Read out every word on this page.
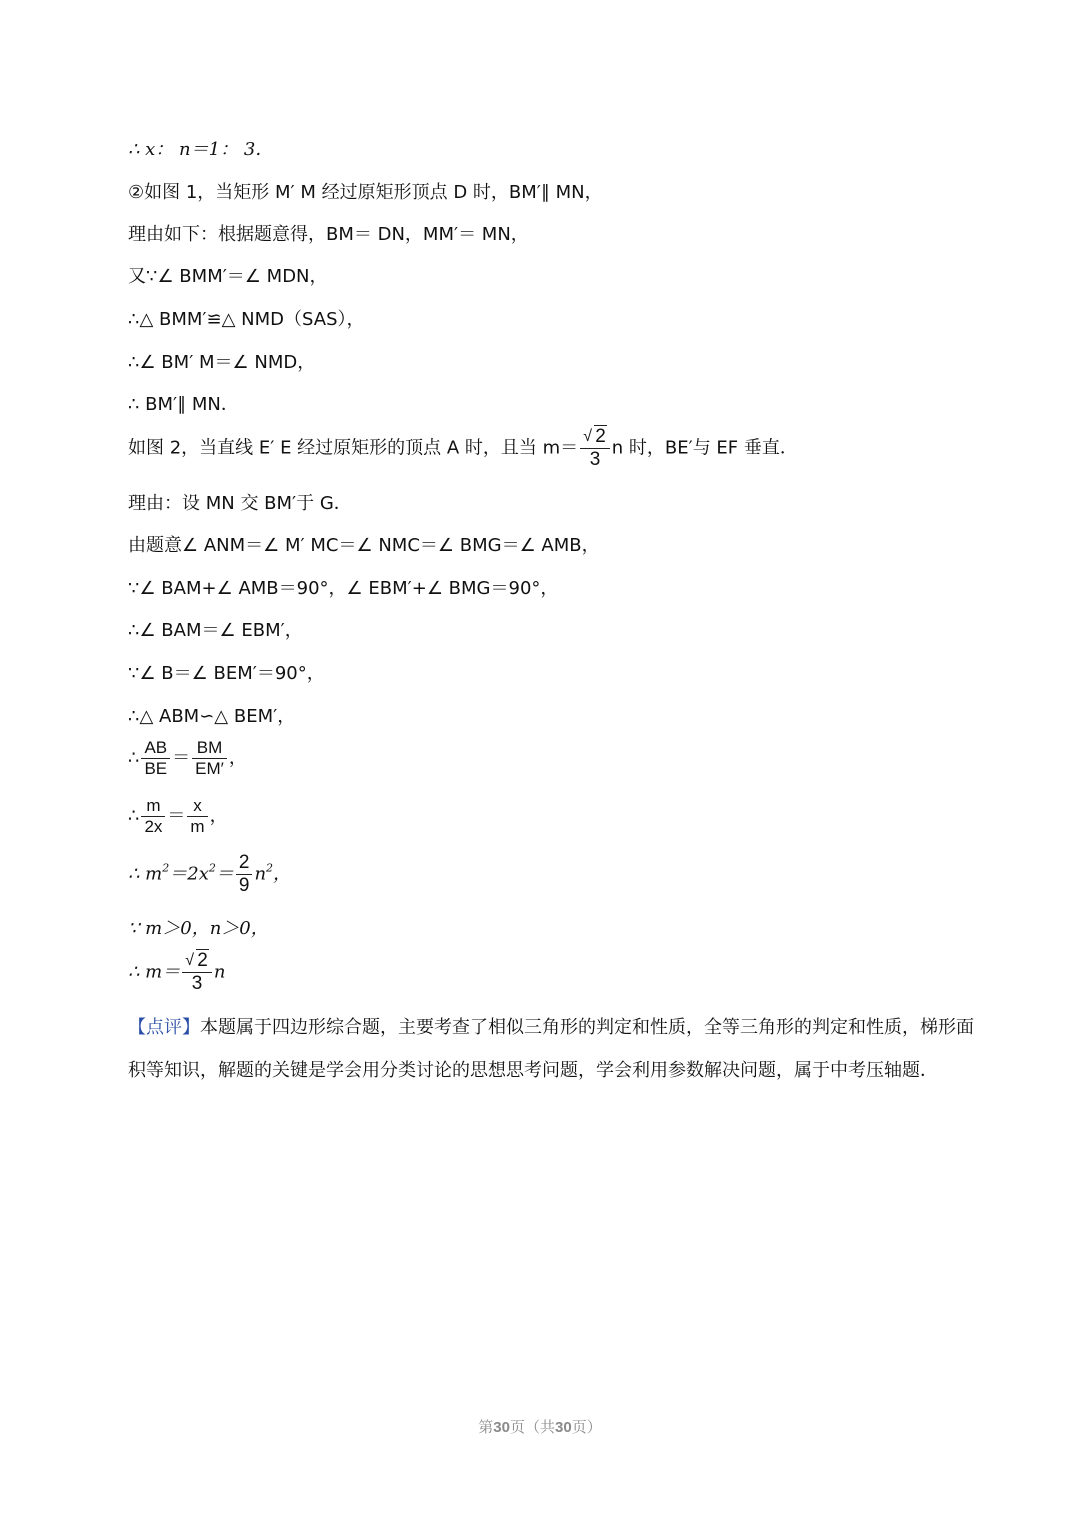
∴ x： n＝1： 3．
②如图 1，当矩形 M′ M 经过原矩形顶点 D 时，BM′∥ MN，
理由如下：根据题意得，BM＝ DN，MM′＝ MN，
又∵∠ BMM′＝∠ MDN，
∴△ BMM′≌△ NMD（SAS），
∴∠ BM′ M＝∠ NMD，
∴ BM′∥ MN．
如图 2，当直线 E′ E 经过原矩形的顶点 A 时，且当 $m= \frac{√ 2}{3}$ n 时，BE′与 EF 垂直．
理由：设 MN 交 BM′于 G．
由题意∠ ANM＝∠ M′ MC＝∠ NMC＝∠ BMG＝∠ AMB，
∵∠ BAM+∠ AMB＝90°，∠ EBM′+∠ BMG＝90°，
∴∠ BAM＝∠ EBM′，
∵∠ B＝∠ BEM′＝90°，
∴△ ABM∽△ BEM′，
∴ $\frac{AB}{BE} = \frac{BM}{EM'}$ ，
∴ $\frac{m}{2x} = \frac{x}{m}$ ，
∴ $m^2=2x^2= \frac{2}{9} n^2$，
∵ m＞0，n＞0，
∴ $m= \frac{√ 2}{3}$ n
【点评】本题属于四边形综合题，主要考查了相似三角形的判定和性质，全等三角形的判定和性质，梯形面积等知识，解题的关键是学会用分类讨论的思想思考问题，学会利用参数解决问题，属于中考压轴题．
第30页（共30页）
